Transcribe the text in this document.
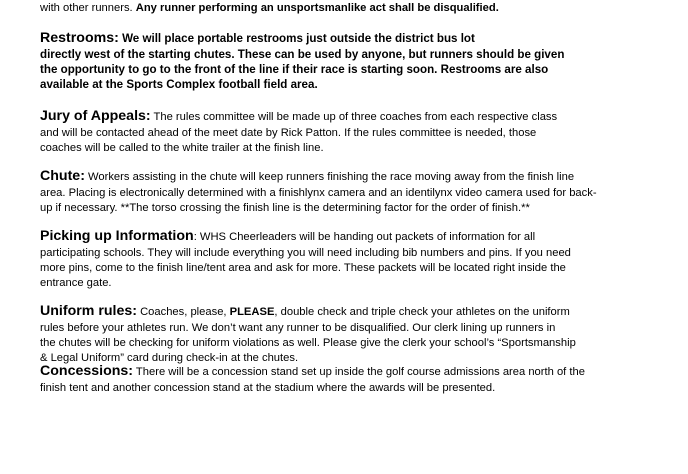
with other runners. Any runner performing an unsportsmanlike act shall be disqualified.
Restrooms: We will place portable restrooms just outside the district bus lot
directly west of the starting chutes. These can be used by anyone, but runners should be given
the opportunity to go to the front of the line if their race is starting soon. Restrooms are also
available at the Sports Complex football field area.
Jury of Appeals: The rules committee will be made up of three coaches from each respective class
and will be contacted ahead of the meet date by Rick Patton. If the rules committee is needed, those
coaches will be called to the white trailer at the finish line.
Chute: Workers assisting in the chute will keep runners finishing the race moving away from the finish line
area. Placing is electronically determined with a finishlynx camera and an identilynx video camera used for back-
up if necessary. **The torso crossing the finish line is the determining factor for the order of finish.**
Picking up Information: WHS Cheerleaders will be handing out packets of information for all
participating schools. They will include everything you will need including bib numbers and pins. If you need
more pins, come to the finish line/tent area and ask for more. These packets will be located right inside the
entrance gate.
Uniform rules: Coaches, please, PLEASE, double check and triple check your athletes on the uniform
rules before your athletes run. We don’t want any runner to be disqualified. Our clerk lining up runners in
the chutes will be checking for uniform violations as well. Please give the clerk your school’s “Sportsmanship
& Legal Uniform” card during check-in at the chutes.
Concessions: There will be a concession stand set up inside the golf course admissions area north of the
finish tent and another concession stand at the stadium where the awards will be presented.
